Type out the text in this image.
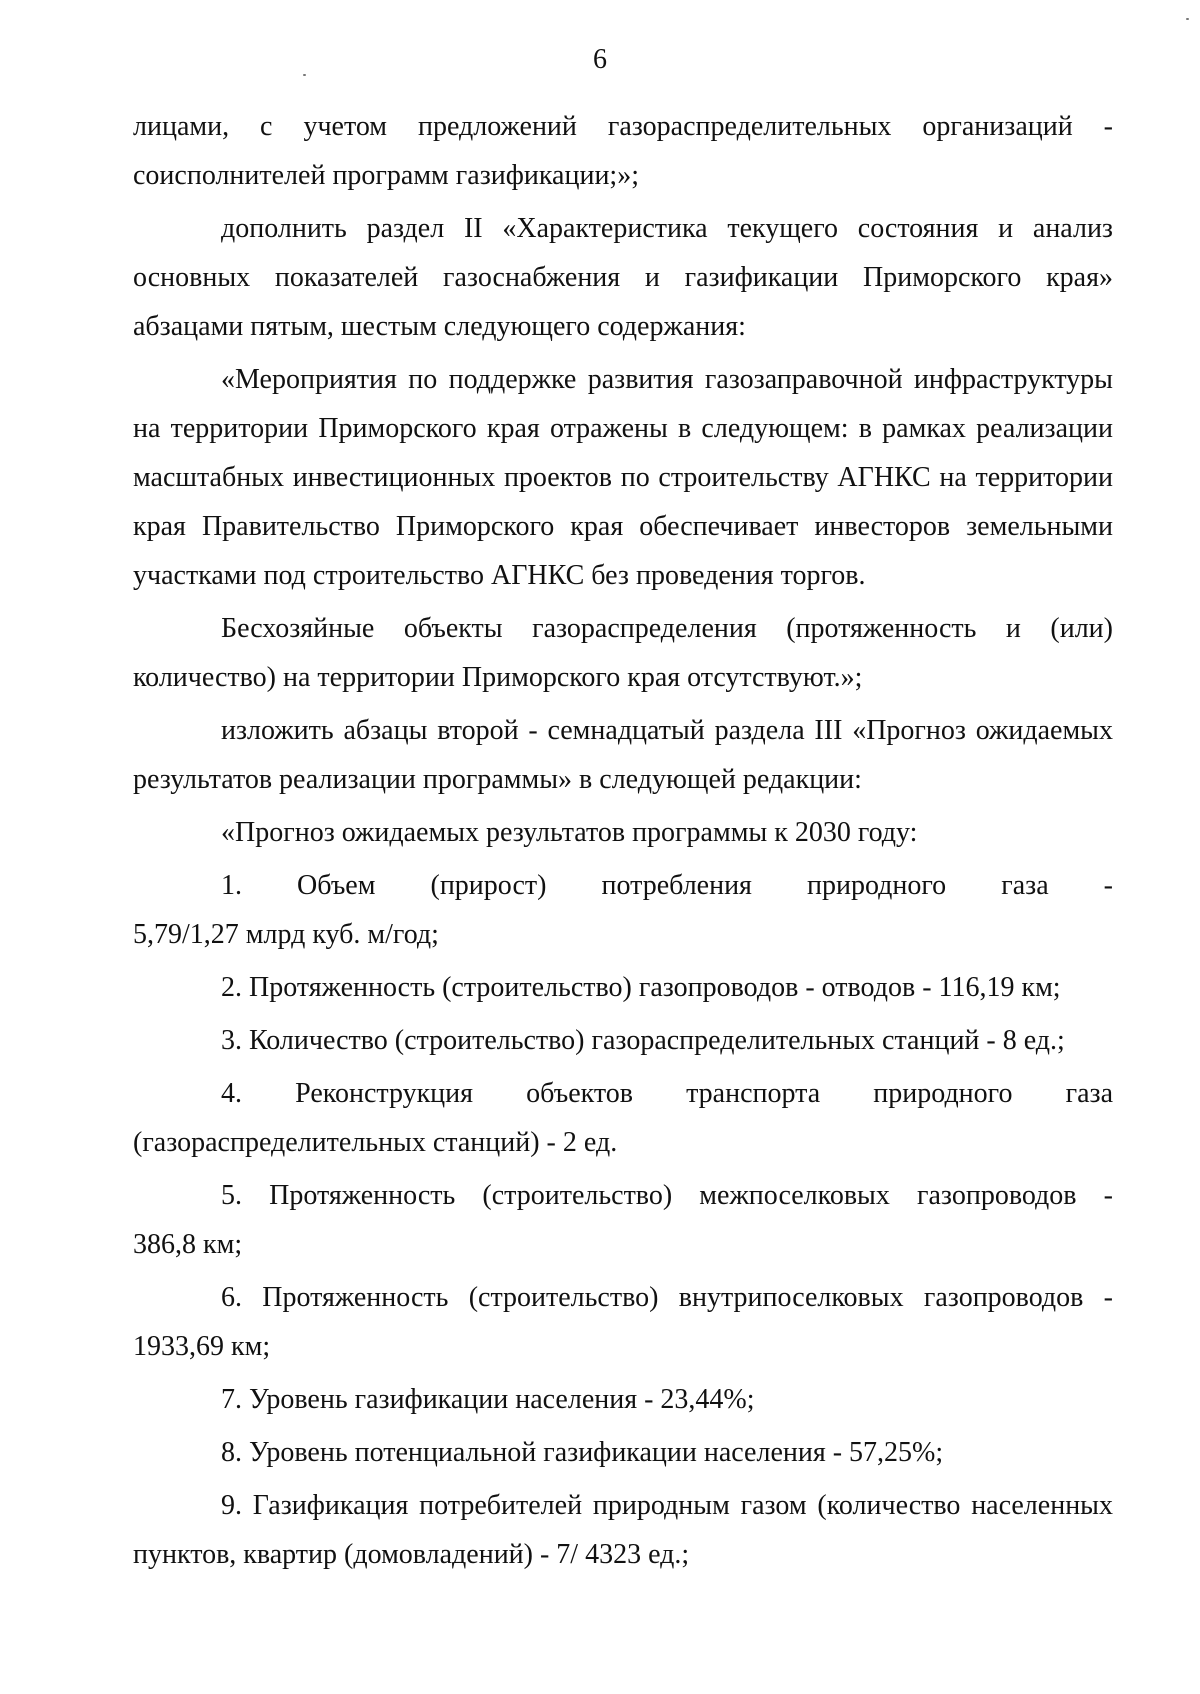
6
лицами, с учетом предложений газораспределительных организаций -
соисполнителей программ газификации;»;

дополнить раздел II «Характеристика текущего состояния и анализ основных показателей газоснабжения и газификации Приморского края» абзацами пятым, шестым следующего содержания:

«Мероприятия по поддержке развития газозаправочной инфраструктуры на территории Приморского края отражены в следующем: в рамках реализации масштабных инвестиционных проектов по строительству АГНКС на территории края Правительство Приморского края обеспечивает инвесторов земельными участками под строительство АГНКС без проведения торгов.

Бесхозяйные объекты газораспределения (протяженность и (или) количество) на территории Приморского края отсутствуют.»;

изложить абзацы второй - семнадцатый раздела III «Прогноз ожидаемых результатов реализации программы» в следующей редакции:

«Прогноз ожидаемых результатов программы к 2030 году:

1. Объем (прирост) потребления природного газа -
5,79/1,27 млрд куб. м/год;
2. Протяженность (строительство) газопроводов - отводов - 116,19 км;
3. Количество (строительство) газораспределительных станций - 8 ед.;
4. Реконструкция объектов транспорта природного газа
(газораспределительных станций) - 2 ед.
5. Протяженность (строительство) межпоселковых газопроводов -
386,8 км;
6. Протяженность (строительство) внутрипоселковых газопроводов -
1933,69 км;
7. Уровень газификации населения - 23,44%;
8. Уровень потенциальной газификации населения - 57,25%;

9. Газификация потребителей природным газом (количество населенных пунктов, квартир (домовладений) - 7/ 4323 ед.;
